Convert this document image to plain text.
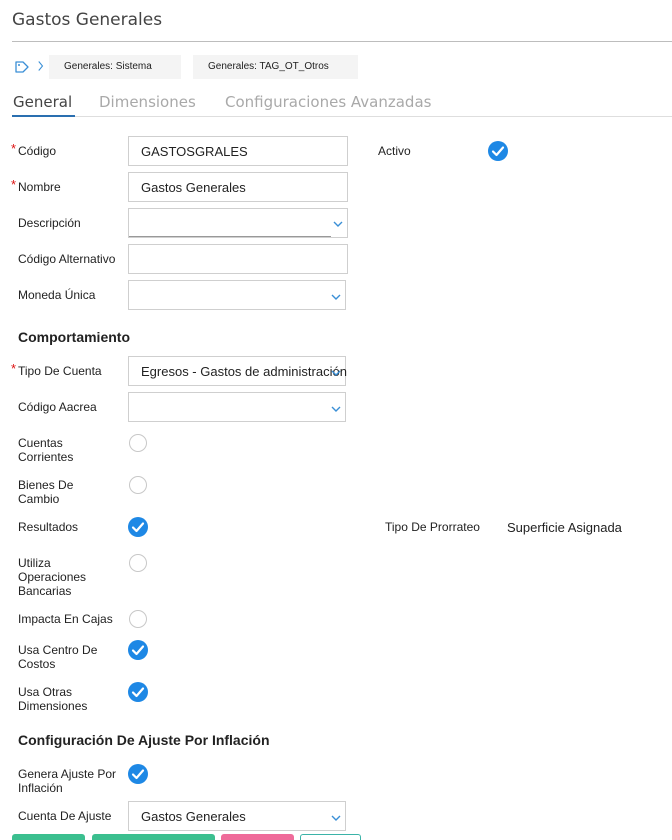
Gastos Generales
Generales: Sistema	Generales: TAG_OT_Otros
General Dimensiones Configuraciones Avanzadas
* Código	GASTOSGRALES	Activo
* Nombre	Gastos Generales
Descripción
Código Alternativo
Moneda Única
Comportamiento
* Tipo De Cuenta	Egresos - Gastos de administración
Código Aacrea
Cuentas Corrientes
Bienes De Cambio
Resultados	Tipo De Prorrateo Superficie Asignada
Utiliza Operaciones Bancarias
Impacta En Cajas
Usa Centro De Costos
Usa Otras Dimensiones
Configuración De Ajuste Por Inflación
Genera Ajuste Por Inflación
Cuenta De Ajuste	Gastos Generales
